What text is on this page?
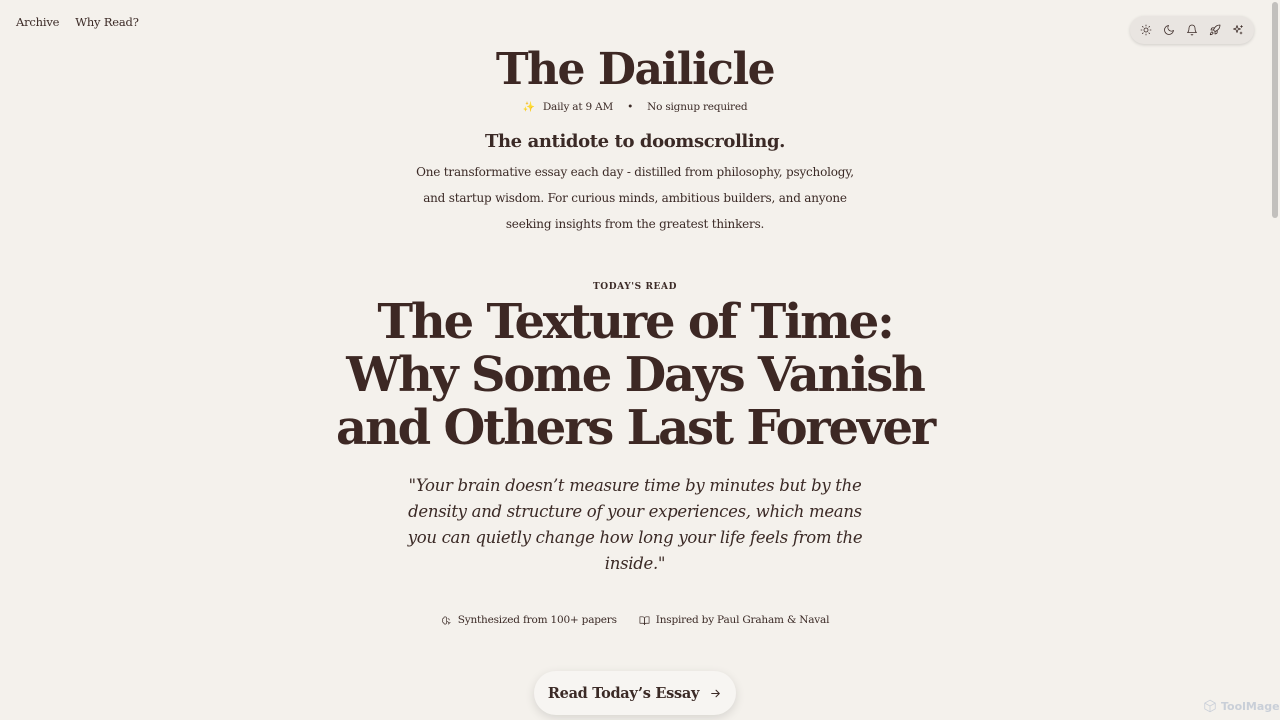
Archive Why Read?
The Dailicle
✨ Daily at 9 AM • No signup required
The antidote to doomscrolling.

One transformative essay each day - distilled from philosophy, psychology, and startup wisdom. For curious minds, ambitious builders, and anyone seeking insights from the greatest thinkers.

TODAY'S READ
The Texture of Time: Why Some Days Vanish and Others Last Forever

"Your brain doesn’t measure time by minutes but by the density and structure of your experiences, which means you can quietly change how long your life feels from the inside."

Synthesized from 100+ papers	Inspired by Paul Graham & Naval
Read Today’s Essay
ToolMage
